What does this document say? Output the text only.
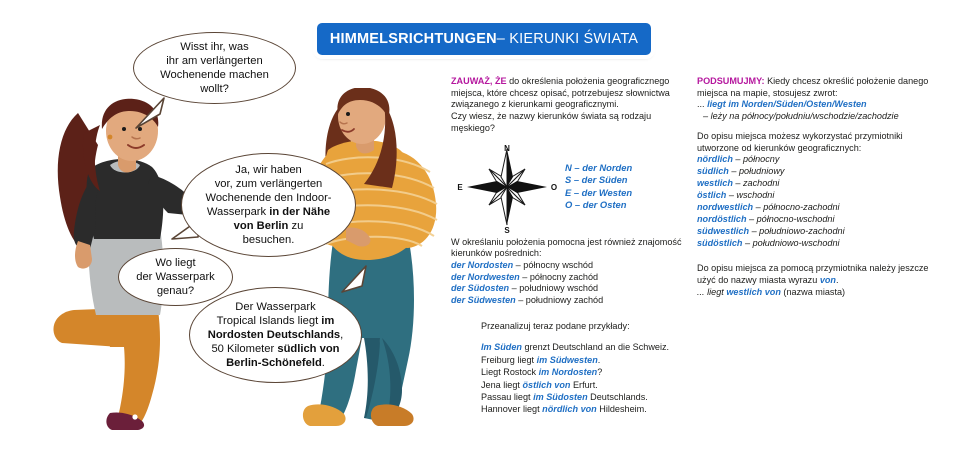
HIMMELSRICHTUNGEN – KIERUNKI ŚWIATA
Wisst ihr, was
ihr am verlängerten
Wochenende machen
wollt?
Ja, wir haben
vor, zum verlängerten
Wochenende den Indoor-
Wasserpark in der Nähe
von Berlin zu
besuchen.
Wo liegt
der Wasserpark
genau?
Der Wasserpark
Tropical Islands liegt im
Nordosten Deutschlands,
50 Kilometer südlich von
Berlin-Schönefeld.

ZAUWAŻ, ŻE do określenia położenia geograficznego miejsca, które chcesz opisać, potrzebujesz słownictwa związanego z kierunkami geograficznymi.

Czy wiesz, że nazwy kierunków świata są rodzaju męskiego?

N
S
E	O
N – der Norden
S – der Süden
E – der Westen
O – der Osten

W określaniu położenia pomocna jest również znajomość kierunków pośrednich:

der Nordosten – północny wschód
der Nordwesten – północny zachód
der Südosten – południowy wschód
der Südwesten – południowy zachód
Przeanalizuj teraz podane przykłady:
Im Süden grenzt Deutschland an die Schweiz.
Freiburg liegt im Südwesten.
Liegt Rostock im Nordosten?
Jena liegt östlich von Erfurt.
Passau liegt im Südosten Deutschlands.
Hannover liegt nördlich von Hildesheim.

PODSUMUJMY: Kiedy chcesz określić położenie danego miejsca na mapie, stosujesz zwrot:

... liegt im Norden/Süden/Osten/Westen

– leży na północy/południu/wschodzie/zachodzie

Do opisu miejsca możesz wykorzystać przymiotniki utworzone od kierunków geograficznych:

nördlich – północny
südlich – południowy
westlich – zachodni
östlich – wschodni
nordwestlich – północno-zachodni
nordöstlich – północno-wschodni
südwestlich – południowo-zachodni
südöstlich – południowo-wschodni

Do opisu miejsca za pomocą przymiotnika należy jeszcze użyć do nazwy miasta wyrazu von.

... liegt westlich von (nazwa miasta)
